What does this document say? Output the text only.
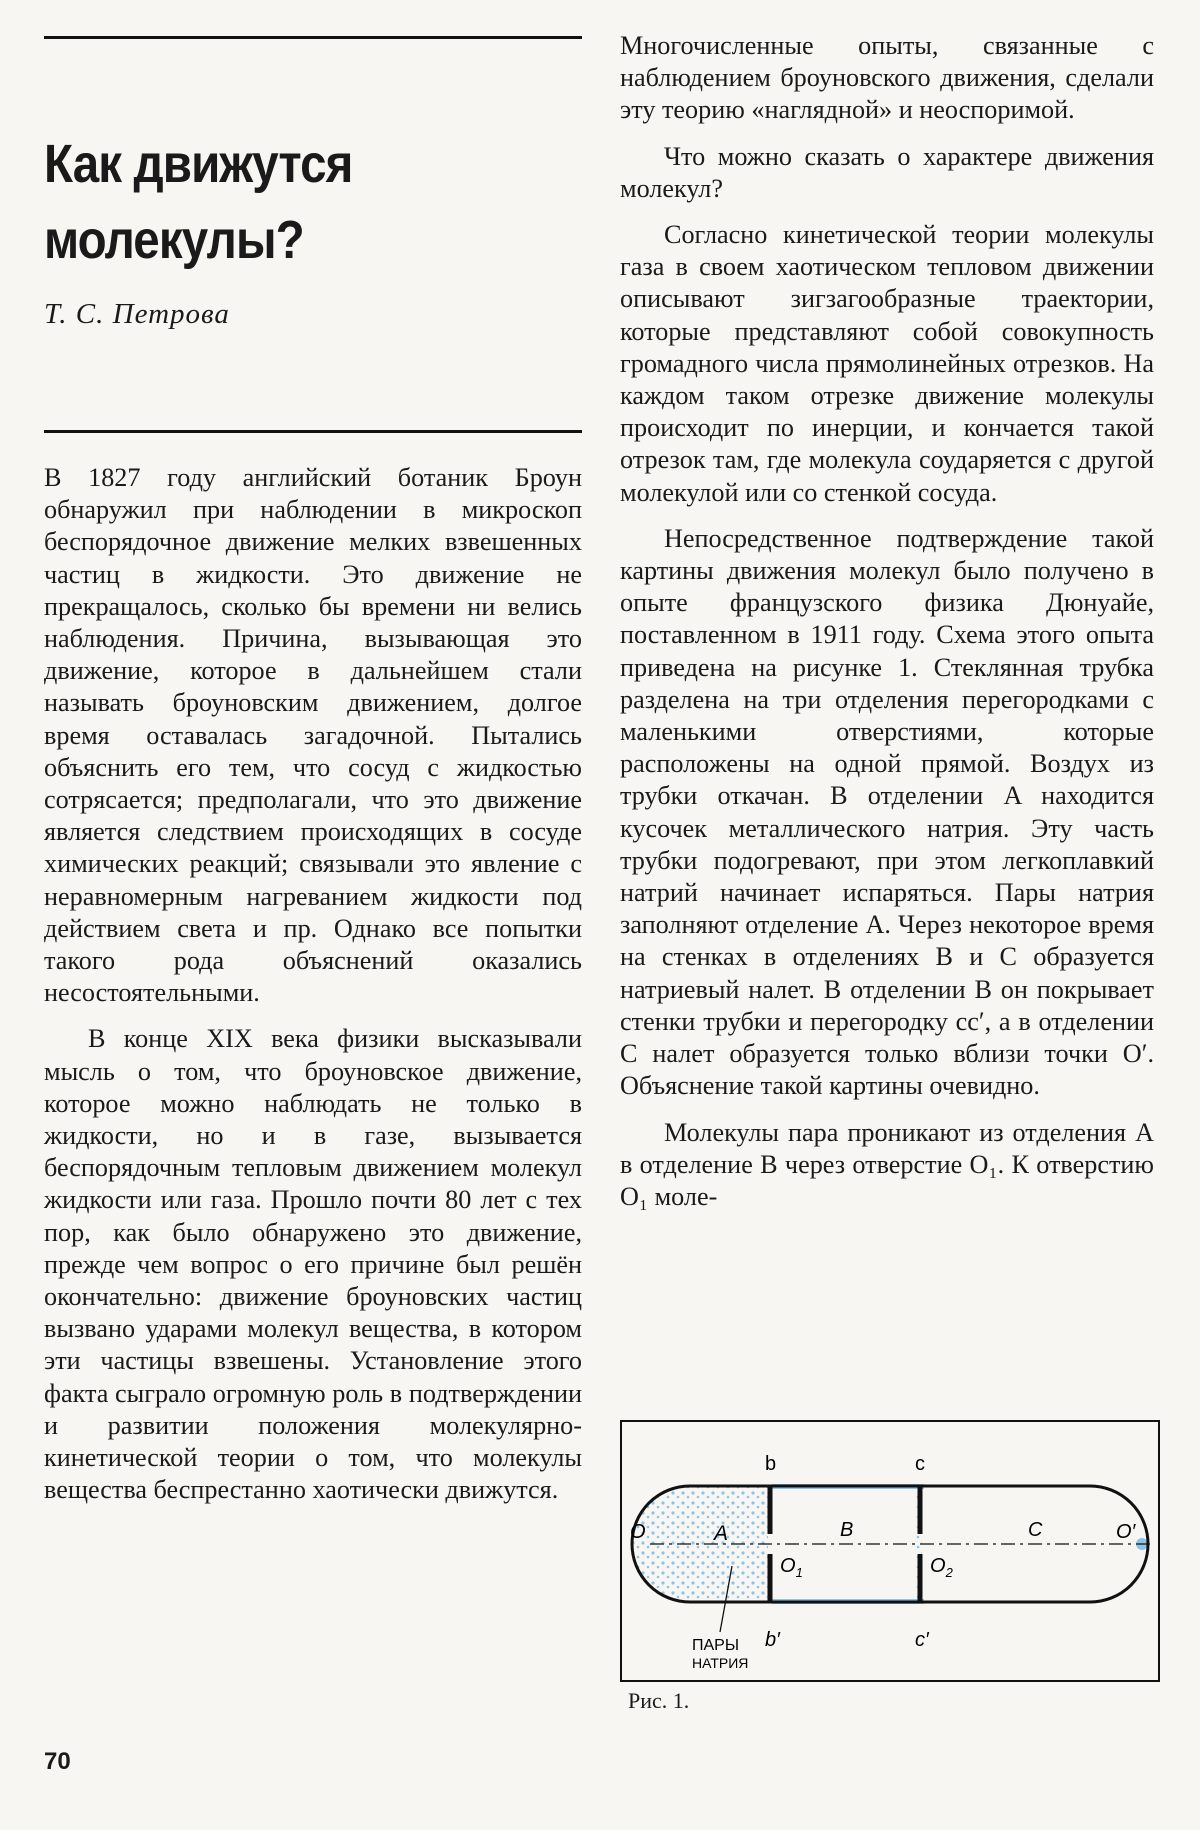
Как движутся молекулы?
Т. С. Петрова

В 1827 году английский ботаник Броун обнаружил при наблюдении в микроскоп беспорядочное движение мелких взвешенных частиц в жидкости. Это движение не прекращалось, сколько бы времени ни велись наблюдения. Причина, вызывающая это движение, которое в дальнейшем стали называть броуновским движением, долгое время оставалась загадочной. Пытались объяснить его тем, что сосуд с жидкостью сотрясается; предполагали, что это движение является следствием происходящих в сосуде химических реакций; связывали это явление с неравномерным нагреванием жидкости под действием света и пр. Однако все попытки такого рода объяснений оказались несостоятельными.

В конце XIX века физики высказывали мысль о том, что броуновское движение, которое можно наблюдать не только в жидкости, но и в газе, вызывается беспорядочным тепловым движением молекул жидкости или газа. Прошло почти 80 лет с тех пор, как было обнаружено это движение, прежде чем вопрос о его причине был решён окончательно: движение броуновских частиц вызвано ударами молекул вещества, в котором эти частицы взвешены. Установление этого факта сыграло огромную роль в подтверждении и развитии положения молекулярно-кинетической теории о том, что молекулы вещества беспрестанно хаотически движутся.

Многочисленные опыты, связанные с наблюдением броуновского движения, сделали эту теорию «наглядной» и неоспоримой.

Что можно сказать о характере движения молекул?

Согласно кинетической теории молекулы газа в своем хаотическом тепловом движении описывают зигзагообразные траектории, которые представляют собой совокупность громадного числа прямолинейных отрезков. На каждом таком отрезке движение молекулы происходит по инерции, и кончается такой отрезок там, где молекула соударяется с другой молекулой или со стенкой сосуда.

Непосредственное подтверждение такой картины движения молекул было получено в опыте французского физика Дюнуайе, поставленном в 1911 году. Схема этого опыта приведена на рисунке 1. Стеклянная трубка разделена на три отделения перегородками с маленькими отверстиями, которые расположены на одной прямой. Воздух из трубки откачан. В отделении A находится кусочек металлического натрия. Эту часть трубки подогревают, при этом легкоплавкий натрий начинает испаряться. Пары натрия заполняют отделение A. Через некоторое время на стенках в отделениях B и C образуется натриевый налет. В отделении B он покрывает стенки трубки и перегородку cc′, а в отделении C налет образуется только вблизи точки O′. Объяснение такой картины очевидно.

Молекулы пара проникают из отделения A в отделение B через отверстие O₁. К отверстию O₁ моле-

b	c
b′	c′
O	O′
A	B	C
$O_1$	$O_2$
ПАРЫ
НАТРИЯ
Рис. 1.
70
